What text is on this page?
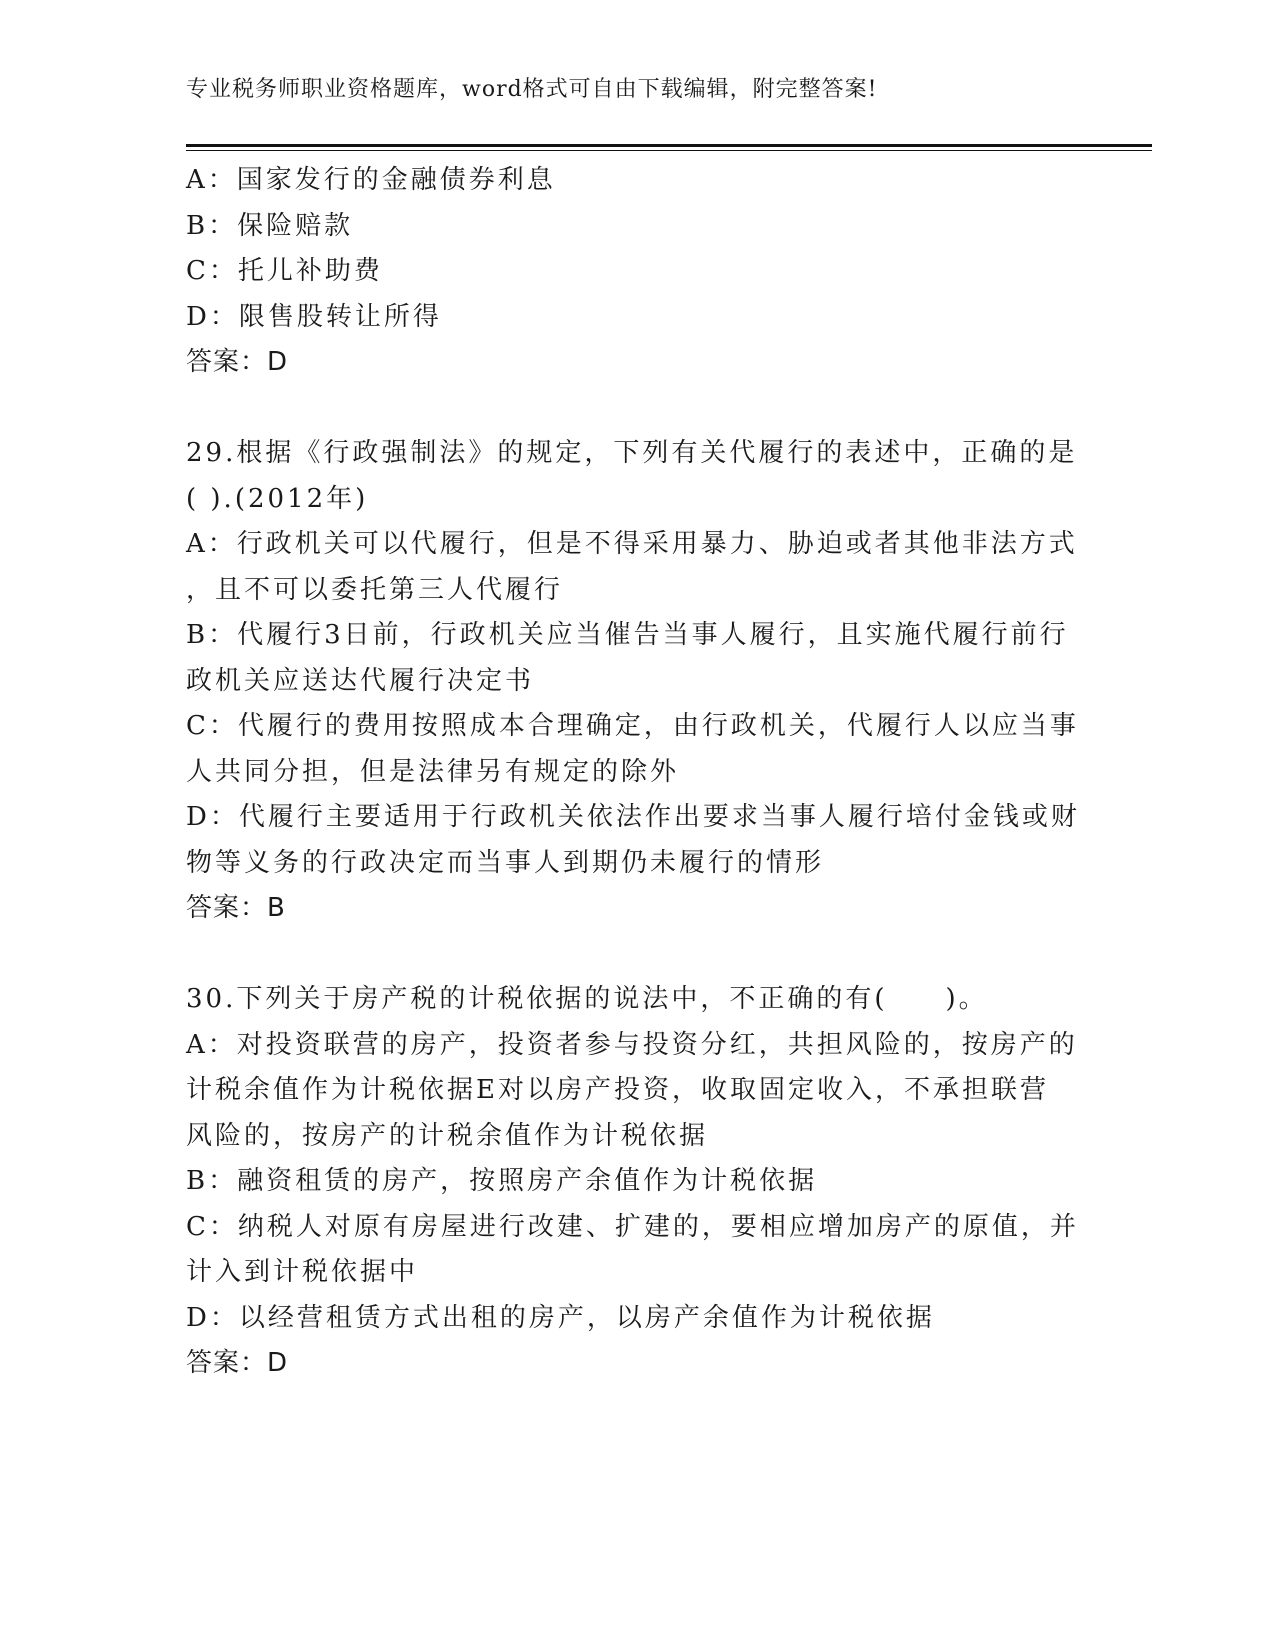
专业税务师职业资格题库，word格式可自由下载编辑，附完整答案!
A：国家发行的金融债券利息
B：保险赔款
C：托儿补助费
D：限售股转让所得
答案：D
29.根据《行政强制法》的规定，下列有关代履行的表述中，正确的是
( ).(2012年)
A：行政机关可以代履行，但是不得采用暴力、胁迫或者其他非法方式
，且不可以委托第三人代履行
B：代履行3日前，行政机关应当催告当事人履行，且实施代履行前行
政机关应送达代履行决定书
C：代履行的费用按照成本合理确定，由行政机关，代履行人以应当事
人共同分担，但是法律另有规定的除外
D：代履行主要适用于行政机关依法作出要求当事人履行培付金钱或财
物等义务的行政决定而当事人到期仍未履行的情形
答案：B
30.下列关于房产税的计税依据的说法中，不正确的有(　　)。
A：对投资联营的房产，投资者参与投资分红，共担风险的，按房产的
计税余值作为计税依据E对以房产投资，收取固定收入，不承担联营
风险的，按房产的计税余值作为计税依据
B：融资租赁的房产，按照房产余值作为计税依据
C：纳税人对原有房屋进行改建、扩建的，要相应增加房产的原值，并
计入到计税依据中
D：以经营租赁方式出租的房产，以房产余值作为计税依据
答案：D
